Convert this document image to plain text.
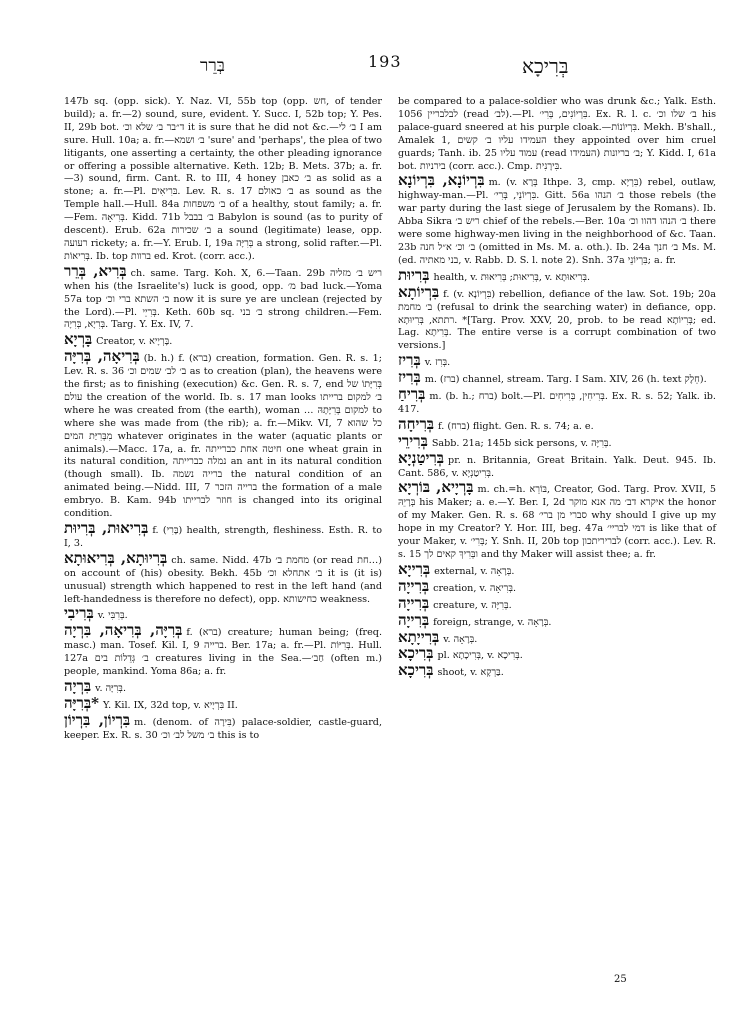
בְּרֵר	193	בְּרִיכָא
147b sq. (opp. sick). Y. Naz. VI, 55b top (opp. חש, of tender build); a. fr.—2) sound, sure, evident. Y. Succ. I, 52b top; Y. Pes. II, 29b bot. ד״בר ב׳ שלא וכ׳ it is sure that he did not &c.—ב׳ לי I am sure. Hull. 10a; a. fr.—ב׳ ושמא 'sure' and 'perhaps', the plea of two litigants, one asserting a certainty, the other pleading ignorance or offering a possible alternative. Keth. 12b; B. Mets. 37b; a. fr.—3) sound, firm. Cant. R. to III, 4 honey ב׳ כאבן as solid as a stone; a. fr.—Pl. בּרִיאִים. Lev. R. s. 17 ב׳ כאולם as sound as the Temple hall.—Hull. 84a ב׳ משפחות of a healthy, stout family; a. fr.—Fem. בְּרִיאָה. Kidd. 71b ב׳ בבבל Babylon is sound (as to purity of descent). Erub. 62a ב׳ שכירות a sound (legitimate) lease, opp. רעועה rickety; a. fr.—Y. Erub. I, 19a בְּרִיָּה a strong, solid rafter.—Pl. בְּרִיאוֹת. Ib. top ברוות ed. Krot. (corr. acc.).
בְּרִיא, בְּרֵר ch. same. Targ. Koh. X, 6.—Taan. 29b ריש ב׳ מזליה when his (the Israelite's) luck is good, opp. מ׳ bad luck.—Yoma 57a top ב׳ השתא ברי וכ׳ now it is sure ye are unclean (rejected by the Lord).—Pl. בְּרִיֵי. Keth. 60b sq. ב׳ בני strong children.—Fem. בְּרִיָא, בְּרִיָה. Targ. Y. Ex. IV, 7.
בָּרְיָא Creator, v. בָּרְיָיא.
בְּרִיאָה, בְּרִיָּה (b. h.) f. (ברא) creation, formation. Gen. R. s. 1; Lev. R. s. 36 ב׳ לב׳ שמים וכ׳ as to creation (plan), the heavens were the first; as to finishing (execution) &c. Gen. R. s. 7, end בְּרִיָּתוֹ של עולם the creation of the world. Ib. s. 17 man looks ב׳ למקום ברייתו where he was created from (the earth), woman … למקום בְּרִיָּתָהּ to where she was made from (the rib); a. fr.—Mikv. VI, 7 כל שהוא מִבְּרִיַּת המים whatever originates in the water (aquatic plants or animals).—Macc. 17a, a. fr. חיטה אחת כברייתה one wheat grain in its natural condition, נמלה כברייתה an ant in its natural condition (though small). Ib. ברייה נשמה the natural condition of an animated being.—Nidd. III, 7 ברייה הזכר the formation of a male embryo. B. Kam. 94b חוזר לברייתו is changed into its original condition.
בְּרִיאוּת, בְּרִיוּת f. (בָּרִי) health, strength, fleshiness. Esth. R. to I, 3.
בְּרִיוּתָא, בְּרִיאוּתָא ch. same. Nidd. 47b מחמת ב׳ (or read חת…) on account of (his) obesity. Bekh. 45b ב׳ אתחלא וכ׳ it is (it is) unusual) strength which happened to rest in the left hand (and left-handedness is therefore no defect), opp. כחישותא weakness.
בְּרִיבִי v. בְּרִבִּי.
בְּרִיָּה, בְּרִיאָה, בִּרְיָה f. (ברא) creature; human being; (freq. masc.) man. Tosef. Kil. I, 9 ברייה. Ber. 17a; a. fr.—Pl. בְּרִיּוֹת. Hull. 127a ב׳ גְּדֵלוֹת בים creatures living in the Sea.—חַב׳ (often m.) people, mankind. Yoma 86a; a. fr.
בִּרְיָה v. בְּרִיָּה.
*בְּרִיָּה Y. Kil. IX, 32d top, v. בִּרְיָיא II.
בִּרְיוֹן, בִּרְיוֹן m. (denom. of בִּירָה) palace-soldier, castle-guard, keeper. Ex. R. s. 30 ב׳ משל לב׳ וכ׳ this is to
be compared to a palace-soldier who was drunk &c.; Yalk. Esth. 1056 לבלבריין (read לב׳).—Pl. בִּרְיוֹנִים, בְּרִי׳. Ex. R. l. c. ב׳ שלו וכ׳ his palace-guard sneered at his purple cloak.—בִּרְיוֹנוֹת. Mekh. B'shall., Amalek 1, העמידו עליו ב׳ קשים they appointed over him cruel guards; Tanh. ib. 25 עמוד עליו (read העמידו) ב׳ בריונות; Y. Kidd. I, 61a bot. בירניות (corr. acc.). Cmp. בִּירָנִית.
בִּרְיוֹנָא, בִּרְיוֹנָא m. (v. בְּרָא Ithpe. 3, cmp. בִּרְיָא) rebel, outlaw, highway-man.—Pl. בִּרְיוֹנֵי, בְּרִי׳. Gitt. 56a ב׳ הנהו those rebels (the war party during the last siege of Jerusalem by the Romans). Ib. Abba Sikra ריש ב׳ chief of the rebels.—Ber. 10a ב׳ הנהו דהוו וכ׳ there were some highway-men living in the neighborhood of &c. Taan. 23b ב׳ וכ׳ א״ל חנה (omitted in Ms. M. a. oth.). Ib. 24a ב׳ חנך Ms. M. (ed. בני מאתיה, v. Rabb. D. S. l. note 2). Snh. 37a בִּרְיוֹנֵי; a. fr.
בְּרִיוּת health, v. בְּרִיאוּת; בְּרִיאוּת, v. בְּרִיאוּתָא.
בִּרְיוֹתָא f. (v. בִּרְיוֹנָא) rebellion, defiance of the law. Sot. 19b; 20a ב׳ מחמת (refusal to drink the searching water) in defiance, opp. רתתא, בְּרִיוּתָא. *[Targ. Prov. XXV, 20, prob. to be read בְּרִיוֹתָא; ed. Lag. בְּרִיתָא. The entire verse is a corrupt combination of two versions.]
בְּרִיז v. בְּרִז.
בְּרִיז m. (ברז) channel, stream. Targ. I Sam. XIV, 26 (h. text חֵלֶק).
בְּרִיחַ m. (b. h.; ברח) bolt.—Pl. בְּרִיחִין, בְּרִיחִים. Ex. R. s. 52; Yalk. ib. 417.
בְּרִיחָה f. (ברח) flight. Gen. R. s. 74; a. e.
בְּרִירֵי Sabb. 21a; 145b sick persons, v. בְּרִיָּה.
בְּרִיטַנְיָא pr. n. Britannia, Great Britain. Yalk. Deut. 945. Ib. Cant. 586, v. בְּרִיטַנְיָא.
בָּרְיָיא, בּוֹרְיָא m. ch.=h. בּוֹרֵא, Creator, God. Targ. Prov. XVII, 5 בְּרָיֵהּ his Maker; a. e.—Y. Ber. I, 2d איקרא דב׳ מה אנא מוקר the honor of my Maker. Gen. R. s. 68 סברי מן ברי׳ why should I give up my hope in my Creator? Y. Hor. III, beg. 47a דמי לבריי׳ is like that of your Maker, v. בְּרִי׳; Y. Snh. II, 20b top לבריריתכון (corr. acc.). Lev. R. s. 15 ובְּרִיךְ קאים לך and thy Maker will assist thee; a. fr.
בְּרִייָא external, v. בְּרָאָה.
בְּרִייָה creation, v. בְּרִיאָה.
בְּרִייָה creature, v. בְּרִיָּה.
בְּרִייָה foreign, strange, v. בְּרָאָה.
בְּרִייָתָא v. בְּרָאָה.
בְּרִיכָא pl. בְּרִיכָתָא, v. בְּרִיכָא.
בְּרִיכָא shoot, v. בַּרְקָא.
25
